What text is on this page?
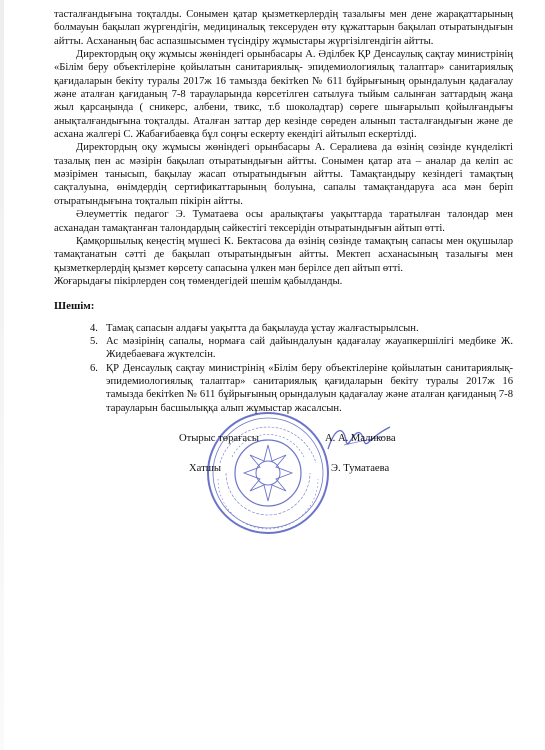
тасталғандығына тоқталды. Сонымен қатар қызметкерлердің тазалығы мен дене жарақаттарының болмауын бақылап жүргендігін, медициналық тексеруден өту құжаттарын бақылап отыратындығын айтты. Асхананың бас аспазшысымен түсіндіру жұмыстары жүргізілгендігін айтты.

Директордың оқу жұмысы жөніндегі орынбасары А. Әділбек ҚР Денсаулық сақтау министрінің «Білім беру объектілеріне қойылатын санитариялық- эпидемиологиялық талаптар» санитариялық қағидаларын бекіту туралы 2017ж 16 тамызда бекітken № 611 бұйрығының орындалуын қадағалау және аталған қағиданың 7-8 тарауларында көрсетілген сатылуға тыйым салынған заттардың жаңа жыл қарсаңында ( сникерс, албени, твикс, т.б шоколадтар) сөреге шығарылып қойылғандығы анықталғандығына тоқталды. Аталған заттар дер кезінде сөреден алынып тасталғандығын және де асхана жалгері С. Жабағибаевқа бұл соңғы ескерту екендігі айтылып ескертілді.

Директордың оқу жұмысы жөніндегі орынбасары А. Сералиева да өзінің сөзінде күнделікті тазалық пен ас мәзірін бақылап отыратындығын айтты. Сонымен қатар ата – аналар да келіп ас мәзірімен танысып, бақылау жасап отыратындығын айтты. Тамақтандыру кезіндегі тамақтың сақталуына, өнімдердің сертификаттарының болуына, сапалы тамақтандаруға аса мән беріп отыратындығына тоқталып пікірін айтты.

Әлеуметтік педагог Э. Туматаева осы аралықтағы уақыттарда таратылған талондар мен асханадан тамақтанған талондардың сәйкестігі тексерідін отыратындығын айтып өтті.

Қамқоршылық кеңестің мүшесі К. Бектасова да өзінің сөзінде тамақтың сапасы мен оқушылар тамақтанатын сәтті де бақылап отыратындығын айтты. Мектеп асханасының тазалығы мен қызметкерлердің қызмет көрсету сапасына үлкен мән берілсе деп айтып өтті.

Жоғарыдағы пікірлерден соң төмендегідей шешім қабылданды.

Шешім:

4. Тамақ сапасын алдағы уақытта да бақылауда ұстау жалғастырылсын.
5. Ас мәзірінің сапалы, нормаға сай дайындалуын қадағалау жауапкершілігі медбике Ж. Жидебаеваға жүктелсін.
6. ҚР Денсаулық сақтау министрінің «Білім беру объектілеріне қойылатын санитариялық- эпидемиологиялық талаптар» санитариялық қағидаларын бекіту туралы 2017ж 16 тамызда бекітken № 611 бұйрығының орындалуын қадағалау және аталған қағиданың 7-8 тарауларын басшылыққа алып жұмыстар жасалсын.
Отырыс төрағасы	А. А. Маликова
Хатшы	Э. Туматаева
